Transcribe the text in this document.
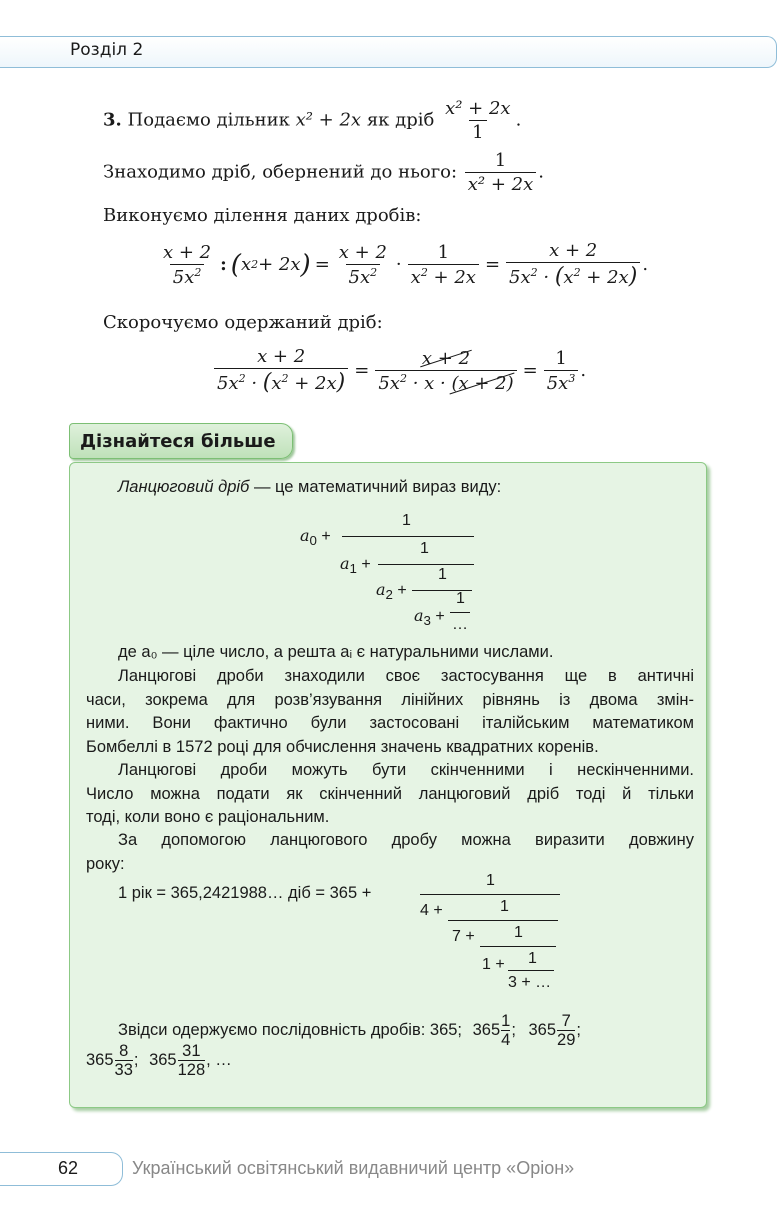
Розділ 2
3. Подаємо дільник x² + 2x як дріб $\frac{\text{x² + 2x}}{1}$ .
Знаходимо дріб, обернений до нього: $\frac{1}{\text{x² + 2x}}$ .
Виконуємо ділення даних дробів:
$\frac{x + 2}{5x^2}$ : ( x 2 + 2x ) = $\frac{x + 2}{5x^2} \cdot \frac{1}{x^2 + 2x} = \frac{x + 2}{5x^2 \cdot (x^2 + 2x)}$ .
Скорочуємо одержаний дріб:
$\frac{x + 2}{5x^2 \cdot (x^2 + 2x)} = \frac{x + 2}{5x^2 \cdot x \cdot (x + 2)} = \frac{1}{5x^3}$ .
Дізнайтеся більше
Ланцюговий дріб — це математичний вираз виду:
$a_0$ +
1
$a_1$ +
1
$a_2$ +
1
1
$a_3$ + …
де a₀ — ціле число, а решта aᵢ є натуральними числами.
Ланцюгові дроби знаходили своє застосування ще в античні
часи, зокрема для розв’язування лінійних рівнянь із двома змін-
ними. Вони фактично були застосовані італійським математиком
Бомбеллі в 1572 році для обчислення значень квадратних коренів.
Ланцюгові дроби можуть бути скінченними і нескінченними.
Число можна подати як скінченний ланцюговий дріб тоді й тільки
тоді, коли воно є раціональним.
За допомогою ланцюгового дробу можна виразити довжину
року:
1 рік = 365,2421988… діб = 365 +
1
4 +	1
7 + 1
1 + 1
3 + …
Звідси одержуємо послідовність дробів: 365; $365 \frac{1}{4}$ ; $365 \frac{7}{29}$ ;
$365 \frac{8}{33}$ ; $365 \frac{31}{128}$ , …
62	Український освітянський видавничий центр «Оріон»
